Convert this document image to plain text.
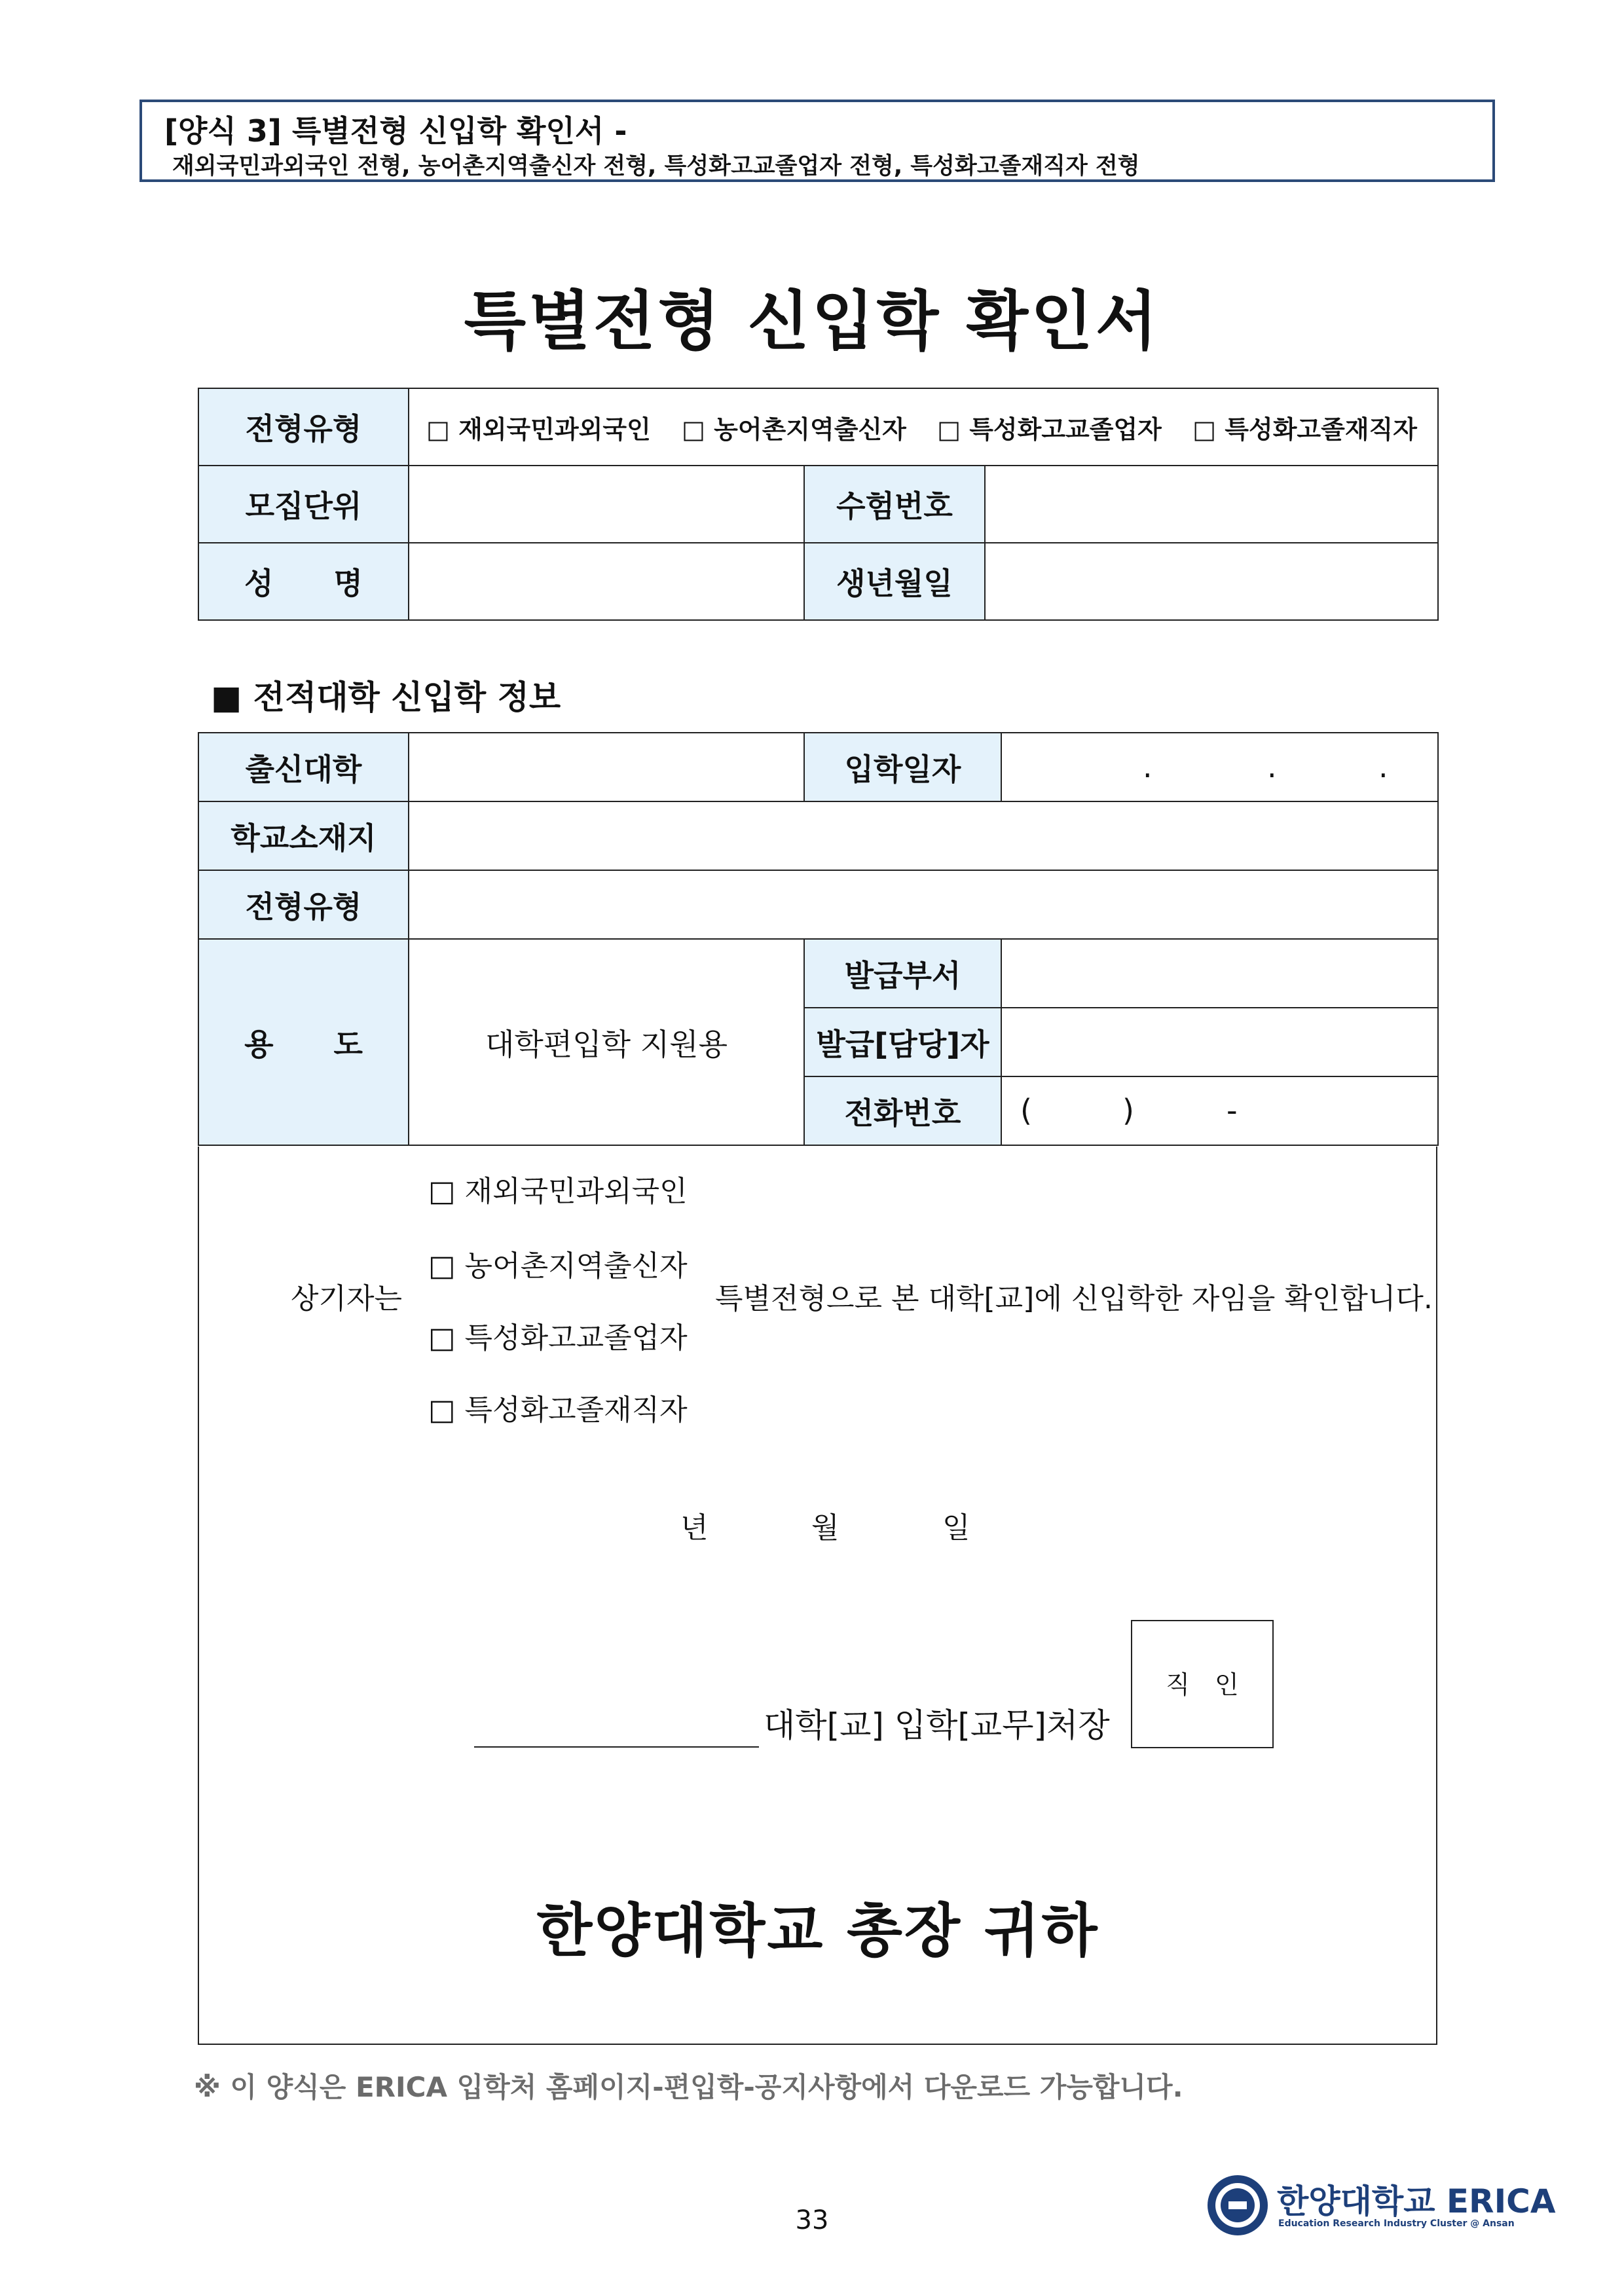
[양식 3] 특별전형 신입학 확인서 -
재외국민과외국인 전형, 농어촌지역출신자 전형, 특성화고교졸업자 전형, 특성화고졸재직자 전형
특별전형 신입학 확인서
전형유형	□ 재외국민과외국인 □ 농어촌지역출신자 □ 특성화고교졸업자 □ 특성화고졸재직자		
모집단위		수험번호	
성　　명		생년월일	
■ 전적대학 신입학 정보
출신대학		입학일자	. . .

학교소재지			
전형유형			
용　　도	대학편입학 지원용	발급부서	
		발급[담당]자	
		전화번호	( ) -
상기자는
□ 재외국민과외국인
□ 농어촌지역출신자
□ 특성화고교졸업자
□ 특성화고졸재직자
특별전형으로 본 대학[교]에 신입학한 자임을 확인합니다.
년	월	일
대학[교] 입학[교무]처장
한양대학교 총장 귀하
직　인
※ 이 양식은 ERICA 입학처 홈페이지-편입학-공지사항에서 다운로드 가능합니다.
33	한양대학교 ERICA
Education Research Industry Cluster @ Ansan
